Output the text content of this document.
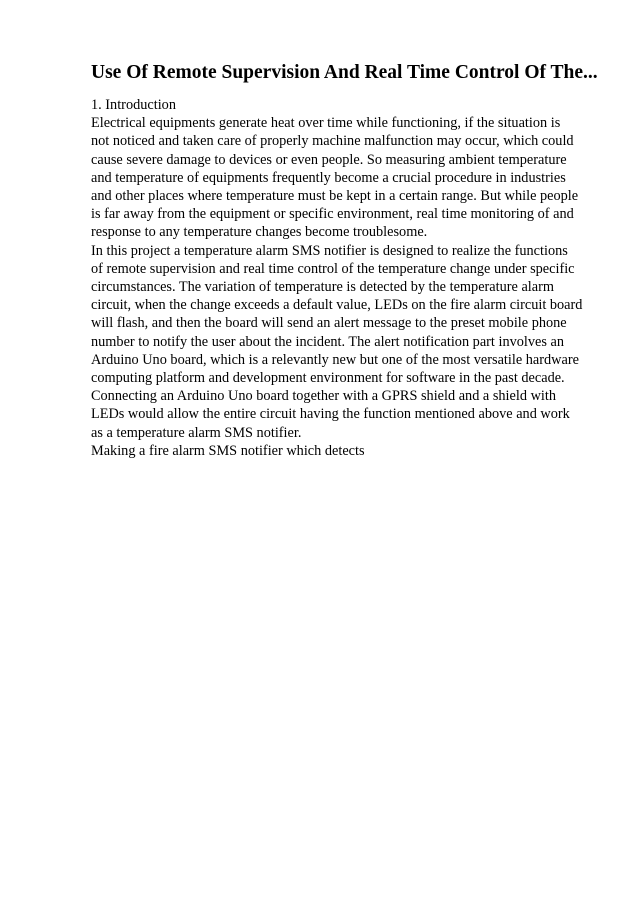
Use Of Remote Supervision And Real Time Control Of The...
1. Introduction
Electrical equipments generate heat over time while functioning, if the situation is
not noticed and taken care of properly machine malfunction may occur, which could
cause severe damage to devices or even people. So measuring ambient temperature
and temperature of equipments frequently become a crucial procedure in industries
and other places where temperature must be kept in a certain range. But while people
is far away from the equipment or specific environment, real time monitoring of and
response to any temperature changes become troublesome.
In this project a temperature alarm SMS notifier is designed to realize the functions
of remote supervision and real time control of the temperature change under specific
circumstances. The variation of temperature is detected by the temperature alarm
circuit, when the change exceeds a default value, LEDs on the fire alarm circuit board
will flash, and then the board will send an alert message to the preset mobile phone
number to notify the user about the incident. The alert notification part involves an
Arduino Uno board, which is a relevantly new but one of the most versatile hardware
computing platform and development environment for software in the past decade.
Connecting an Arduino Uno board together with a GPRS shield and a shield with
LEDs would allow the entire circuit having the function mentioned above and work
as a temperature alarm SMS notifier.
Making a fire alarm SMS notifier which detects
